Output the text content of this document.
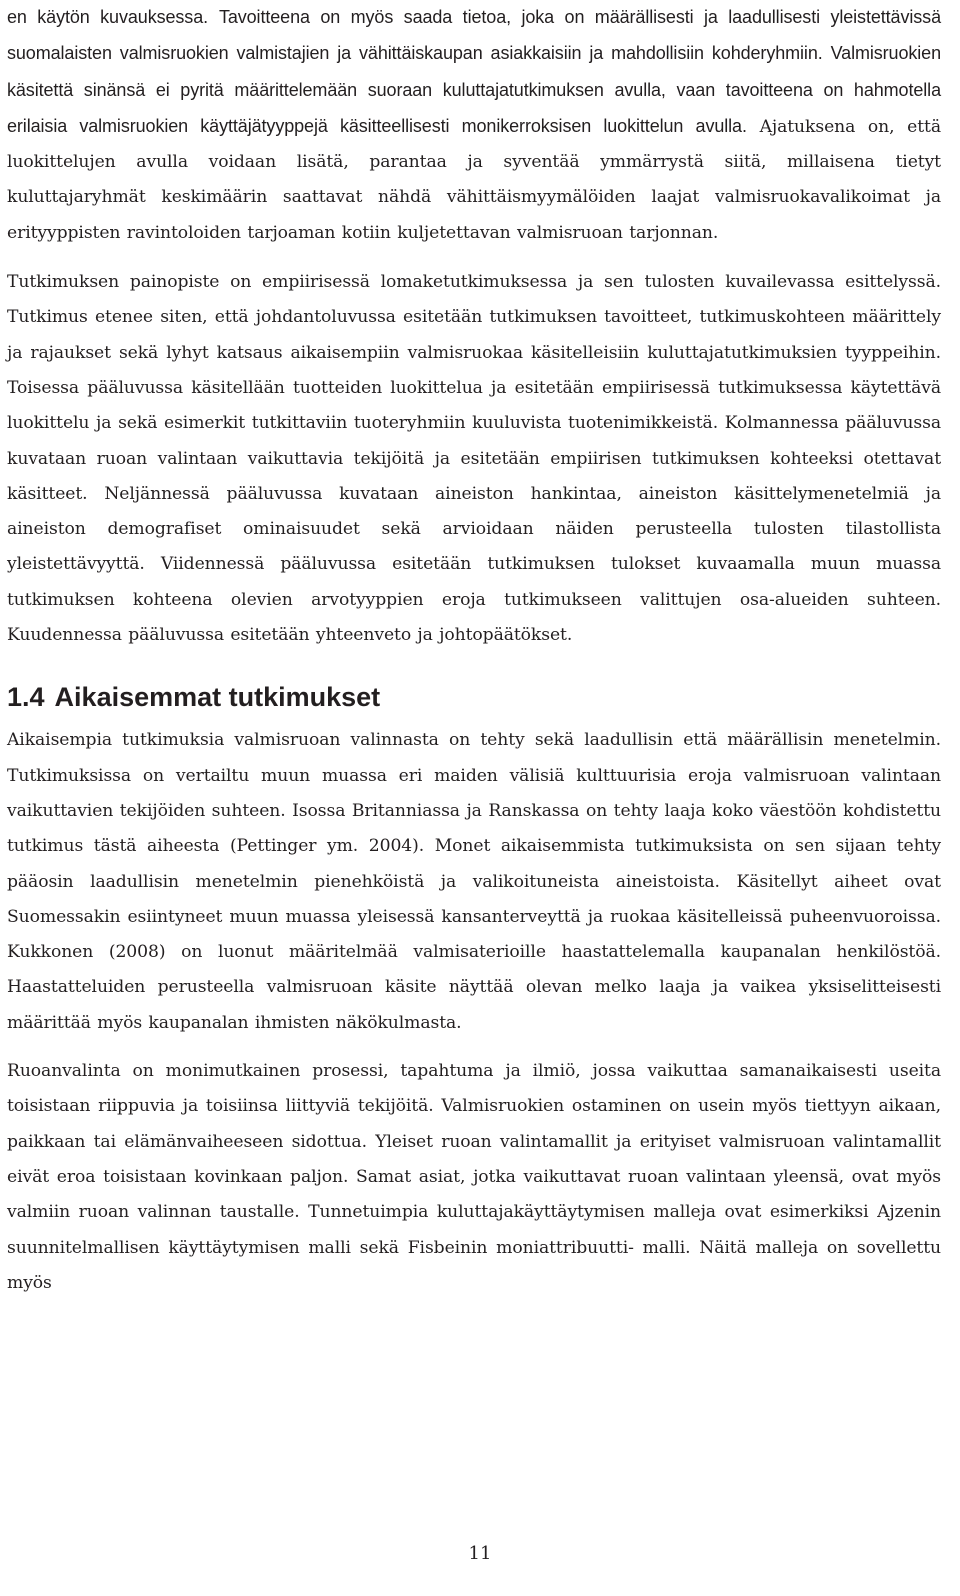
en käytön kuvauksessa. Tavoitteena on myös saada tietoa, joka on määrällisesti ja laadullisesti yleistettävissä suomalaisten valmisruokien valmistajien ja vähittäiskaupan asiakkaisiin ja mahdollisiin kohderyhmiin. Valmisruokien käsitettä sinänsä ei pyritä määrittelemään suoraan kuluttajatutkimuksen avulla, vaan tavoitteena on hahmotella erilaisia valmisruokien käyttäjätyyppejä käsitteellisesti monikerroksisen luokittelun avulla. Ajatuksena on, että luokittelujen avulla voidaan lisätä, parantaa ja syventää ymmärrystä siitä, millaisena tietyt kuluttajaryhmät keskimäärin saattavat nähdä vähittäismyymälöiden laajat valmisruokavalikoimat ja erityyppisten ravintoloiden tarjoaman kotiin kuljetettavan valmisruoan tarjonnan.

Tutkimuksen painopiste on empiirisessä lomaketutkimuksessa ja sen tulosten kuvailevassa esittelyssä. Tutkimus etenee siten, että johdantoluvussa esitetään tutkimuksen tavoitteet, tutkimuskohteen määrittely ja rajaukset sekä lyhyt katsaus aikaisempiin valmisruokaa käsitelleisiin kuluttajatutkimuksien tyyppeihin. Toisessa pääluvussa käsitellään tuotteiden luokittelua ja esitetään empiirisessä tutkimuksessa käytettävä luokittelu ja sekä esimerkit tutkittaviin tuoteryhmiin kuuluvista tuotenimikkeistä. Kolmannessa pääluvussa kuvataan ruoan valintaan vaikuttavia tekijöitä ja esitetään empiirisen tutkimuksen kohteeksi otettavat käsitteet. Neljännessä pääluvussa kuvataan aineiston hankintaa, aineiston käsittelymenetelmiä ja aineiston demografiset ominaisuudet sekä arvioidaan näiden perusteella tulosten tilastollista yleistettävyyttä. Viidennessä pääluvussa esitetään tutkimuksen tulokset kuvaamalla muun muassa tutkimuksen kohteena olevien arvotyyppien eroja tutkimukseen valittujen osa-alueiden suhteen. Kuudennessa pääluvussa esitetään yhteenveto ja johtopäätökset.

1.4 Aikaisemmat tutkimukset

Aikaisempia tutkimuksia valmisruoan valinnasta on tehty sekä laadullisin että määrällisin menetelmin. Tutkimuksissa on vertailtu muun muassa eri maiden välisiä kulttuurisia eroja valmisruoan valintaan vaikuttavien tekijöiden suhteen. Isossa Britanniassa ja Ranskassa on tehty laaja koko väestöön kohdistettu tutkimus tästä aiheesta (Pettinger ym. 2004). Monet aikaisemmista tutkimuksista on sen sijaan tehty pääosin laadullisin menetelmin pienehköistä ja valikoituneista aineistoista. Käsitellyt aiheet ovat Suomessakin esiintyneet muun muassa yleisessä kansanterveyttä ja ruokaa käsitelleissä puheenvuoroissa. Kukkonen (2008) on luonut määritelmää valmisaterioille haastattelemalla kaupanalan henkilöstöä. Haastatteluiden perusteella valmisruoan käsite näyttää olevan melko laaja ja vaikea yksiselitteisesti määrittää myös kaupanalan ihmisten näkökulmasta.

Ruoanvalinta on monimutkainen prosessi, tapahtuma ja ilmiö, jossa vaikuttaa samanaikaisesti useita toisistaan riippuvia ja toisiinsa liittyviä tekijöitä. Valmisruokien ostaminen on usein myös tiettyyn aikaan, paikkaan tai elämänvaiheeseen sidottua. Yleiset ruoan valintamallit ja erityiset valmisruoan valintamallit eivät eroa toisistaan kovinkaan paljon. Samat asiat, jotka vaikuttavat ruoan valintaan yleensä, ovat myös valmiin ruoan valinnan taustalle. Tunnetuimpia kuluttajakäyttäytymisen malleja ovat esimerkiksi Ajzenin suunnitelmallisen käyttäytymisen malli sekä Fisbeinin moniattribuutti- malli. Näitä malleja on sovellettu myös

11
